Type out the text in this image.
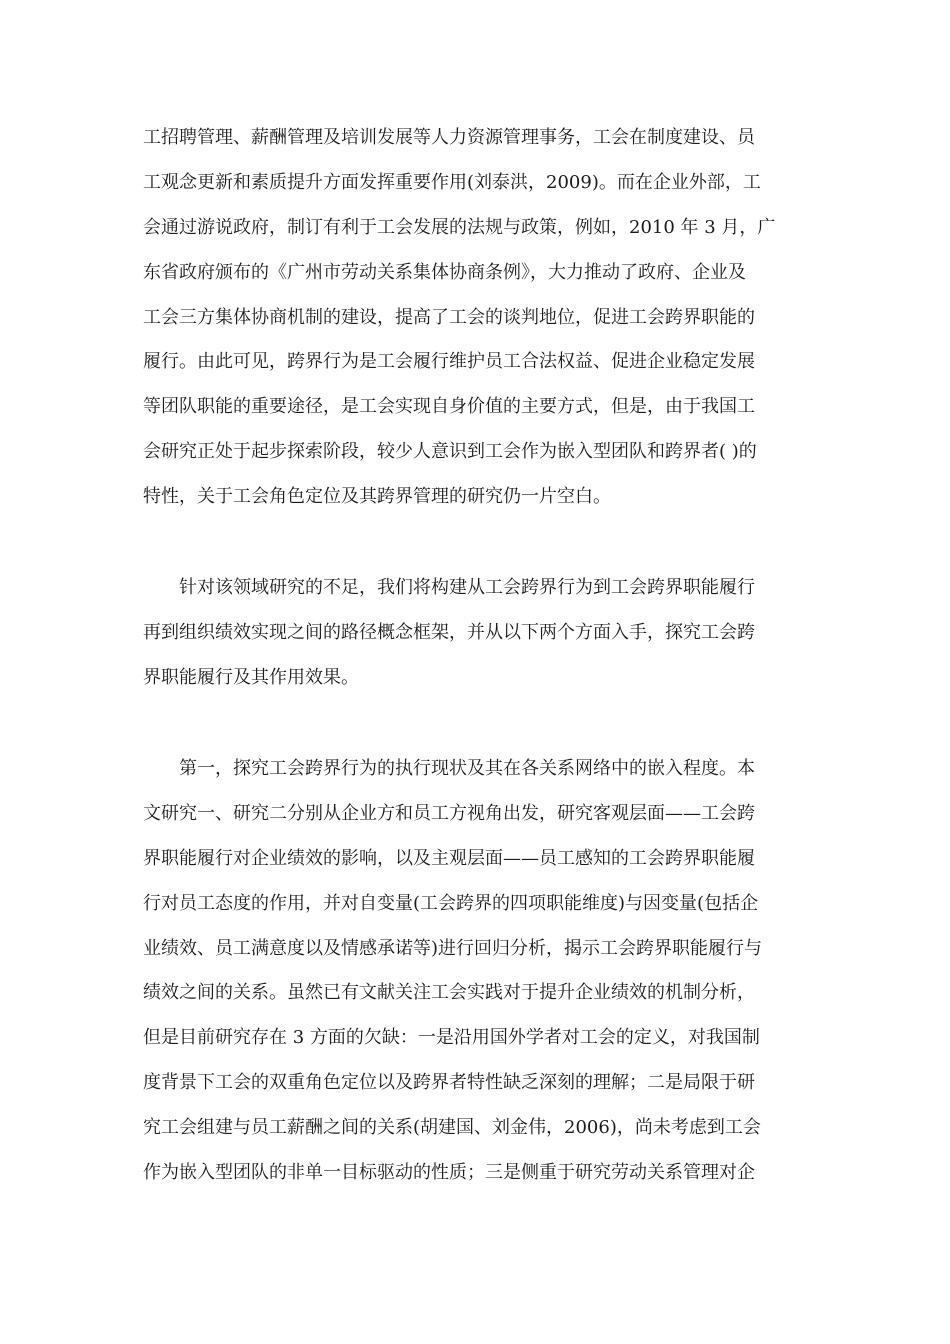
工招聘管理、薪酬管理及培训发展等人力资源管理事务，工会在制度建设、员

工观念更新和素质提升方面发挥重要作用(刘泰洪，2009)。而在企业外部，工

会通过游说政府，制订有利于工会发展的法规与政策，例如，2010 年 3 月，广

东省政府颁布的《广州市劳动关系集体协商条例》，大力推动了政府、企业及

工会三方集体协商机制的建设，提高了工会的谈判地位，促进工会跨界职能的

履行。由此可见，跨界行为是工会履行维护员工合法权益、促进企业稳定发展

等团队职能的重要途径，是工会实现自身价值的主要方式，但是，由于我国工

会研究正处于起步探索阶段，较少人意识到工会作为嵌入型团队和跨界者( )的

特性，关于工会角色定位及其跨界管理的研究仍一片空白。

针对该领域研究的不足，我们将构建从工会跨界行为到工会跨界职能履行

再到组织绩效实现之间的路径概念框架，并从以下两个方面入手，探究工会跨

界职能履行及其作用效果。

第一，探究工会跨界行为的执行现状及其在各关系网络中的嵌入程度。本

文研究一、研究二分别从企业方和员工方视角出发，研究客观层面——工会跨

界职能履行对企业绩效的影响，以及主观层面——员工感知的工会跨界职能履

行对员工态度的作用，并对自变量(工会跨界的四项职能维度)与因变量(包括企

业绩效、员工满意度以及情感承诺等)进行回归分析，揭示工会跨界职能履行与

绩效之间的关系。虽然已有文献关注工会实践对于提升企业绩效的机制分析，

但是目前研究存在 3 方面的欠缺：一是沿用国外学者对工会的定义，对我国制

度背景下工会的双重角色定位以及跨界者特性缺乏深刻的理解；二是局限于研

究工会组建与员工薪酬之间的关系(胡建国、刘金伟，2006)，尚未考虑到工会

作为嵌入型团队的非单一目标驱动的性质；三是侧重于研究劳动关系管理对企
